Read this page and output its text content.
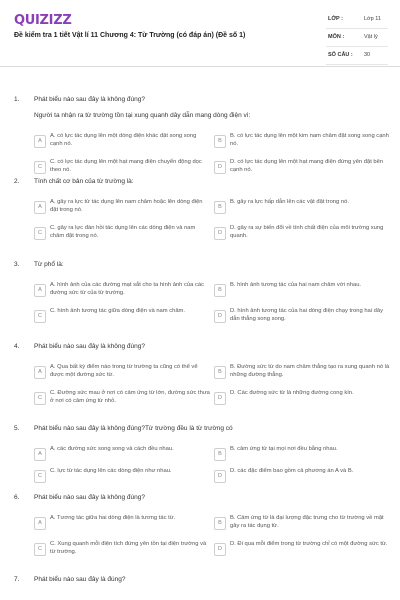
QUIZIZZ
Đề kiểm tra 1 tiết Vật lí 11 Chương 4: Từ Trường (có đáp án) (Đề số 1)
LỚP :	Lớp 11
MÔN :	Vật lý
SỐ CÂU : 30
1. Phát biểu nào sau đây là không đúng?
Người ta nhận ra từ trường tồn tại xung quanh dây dẫn mang dòng điện vì:
A
A. có lực tác dụng lên một dòng điện khác đặt song song cạnh nó.	B
B. có lực tác dụng lên một kim nam châm đặt song song cạnh nó.
C
C. có lực tác dụng lên một hạt mang điện chuyển động dọc theo nó.	D
D. có lực tác dụng lên một hạt mang điện đứng yên đặt bên cạnh nó.
2. Tính chất cơ bản của từ trường là:
A
A. gây ra lực từ tác dụng lên nam châm hoặc lên dòng điện đặt trong nó.	B
B. gây ra lực hấp dẫn lên các vật đặt trong nó.
C
C. gây ra lực đàn hồi tác dụng lên các dòng điện và nam châm đặt trong nó.	D
D. gây ra sự biến đổi về tính chất điện của môi trường xung quanh.
3. Từ phổ là:
A
A. hình ảnh của các đường mạt sắt cho ta hình ảnh của các đường sức từ của từ trường.	B
B. hình ảnh tương tác của hai nam châm với nhau.
C
C. hình ảnh tương tác giữa dòng điện và nam châm.
D
D. hình ảnh tương tác của hai dòng điện chạy trong hai dây dẫn thẳng song song.
4. Phát biểu nào sau đây là không đúng?
A
A. Qua bất kỳ điểm nào trong từ trường ta cũng có thể vẽ được một đường sức từ.	B
B. Đường sức từ do nam châm thẳng tạo ra xung quanh nó là những đường thẳng.
C
C. Đường sức mau ở nơi có cảm ứng từ lớn, đường sức thưa ở nơi có cảm ứng từ nhỏ.	D
D. Các đường sức từ là những đường cong kín.
5. Phát biểu nào sau đây là không đúng?Từ trường đều là từ trường có
A
A. các đường sức song song và cách đều nhau.
B
B. cảm ứng từ tại mọi nơi đều bằng nhau.
C
C. lực từ tác dụng lên các dòng điện như nhau.
D
D. các đặc điểm bao gồm cả phương án A và B.
6. Phát biểu nào sau đây là không đúng?
A
A. Tương tác giữa hai dòng điện là tương tác từ.
B
B. Cảm ứng từ là đại lượng đặc trưng cho từ trường về mặt gây ra tác dụng từ.
C
C. Xung quanh mỗi điện tích đứng yên tồn tại điện trường và từ trường.	D
D. Đi qua mỗi điểm trong từ trường chỉ có một đường sức từ.
7. Phát biểu nào sau đây là đúng?
